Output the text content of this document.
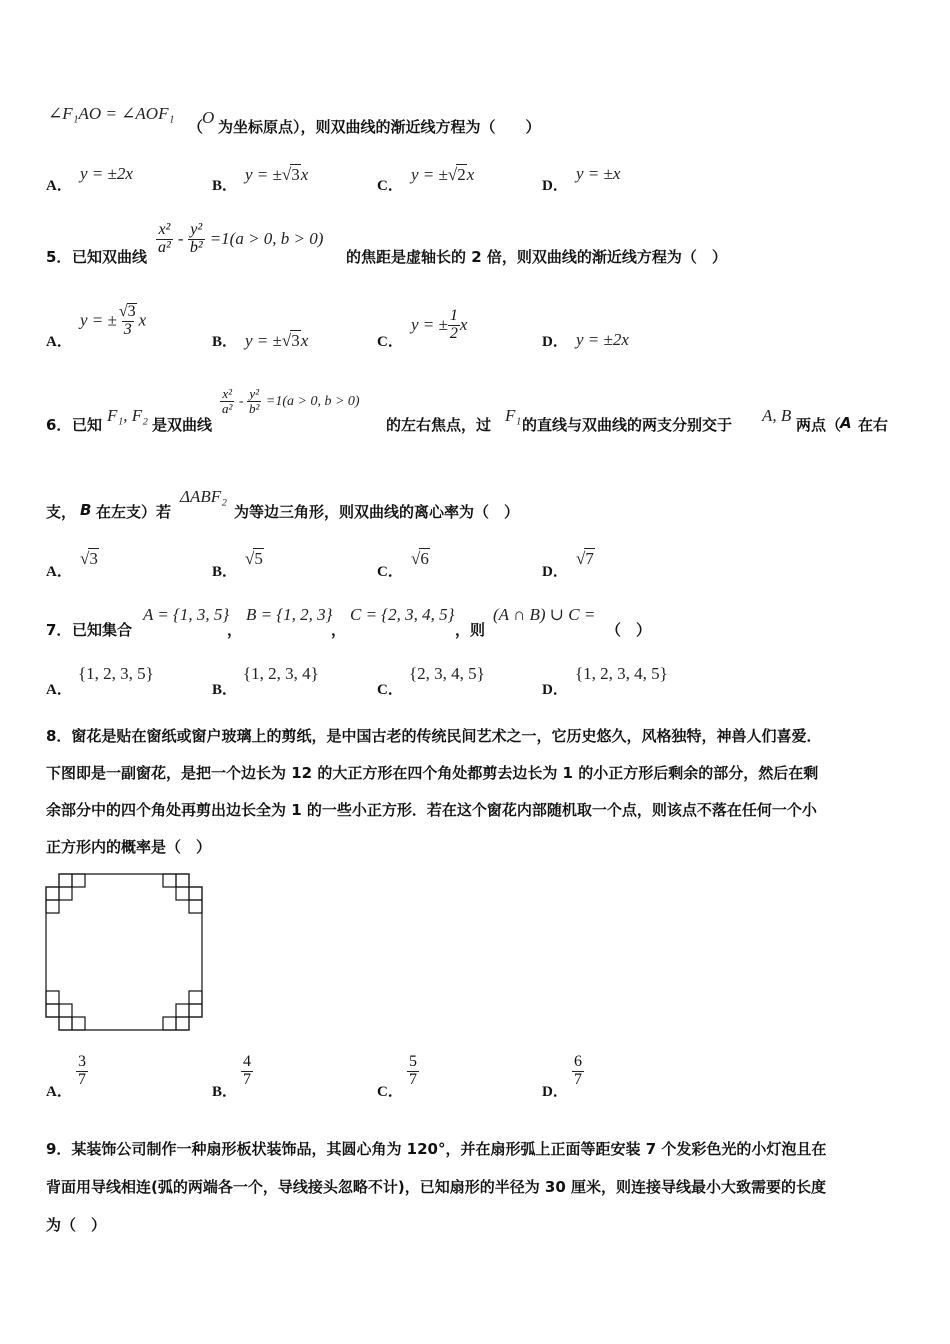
∠F₁AO = ∠AOF₁
（
O 为坐标原点），则双曲线的渐近线方程为（　　）
A．
y = ±2x
B．
y = ±√3x
C．
y = ±√2x
D．
y = ±x
5． 已知双曲线
$\frac{\text{x²}}{\text{a²}} - \frac{\text{y²}}{\text{b²}} =1(a > 0$, b > 0)
的焦距是虚轴长的 2 倍，则双曲线的渐近线方程为（　）
A．
y = ± $\frac{√3}{3}$ x
B． y = ±√3x	C．
y = ± $\frac{1}{2}$ x
D． y = ±2x
6． 已知 F₁, F₂ 是双曲线
$\frac{\text{x²}}{\text{a²}} - \frac{\text{y²}}{\text{b²}} =1(a > 0$, b > 0)
的左右焦点，过 F₁ 的直线与双曲线的两支分别交于 A, B 两点（
A 在右
支， B 在左支）若
ΔABF₂
为等边三角形，则双曲线的离心率为（　）
A．
√3
B．
√5
C．
√6
D．
√7
7． 已知集合
A = {1, 3, 5}
，
B = {1, 2, 3}
，
C = {2, 3, 4, 5}
，则
(A ∩ B) ∪ C =
（　）
A．
{1, 2, 3, 5}
B．
{1, 2, 3, 4}
C．
{2, 3, 4, 5}
D．
{1, 2, 3, 4, 5}
8．窗花是贴在窗纸或窗户玻璃上的剪纸，是中国古老的传统民间艺术之一，它历史悠久，风格独特，神兽人们喜爱．
下图即是一副窗花，是把一个边长为 12 的大正方形在四个角处都剪去边长为 1 的小正方形后剩余的部分，然后在剩
余部分中的四个角处再剪出边长全为 1 的一些小正方形．若在这个窗花内部随机取一个点，则该点不落在任何一个小
正方形内的概率是（　）
A．
$\frac{3}{7}$
B．
$\frac{4}{7}$
C．
$\frac{5}{7}$
D．
$\frac{6}{7}$
9．某装饰公司制作一种扇形板状装饰品，其圆心角为 120°，并在扇形弧上正面等距安装 7 个发彩色光的小灯泡且在
背面用导线相连(弧的两端各一个，导线接头忽略不计)，已知扇形的半径为 30 厘米，则连接导线最小大致需要的长度
为（　）
